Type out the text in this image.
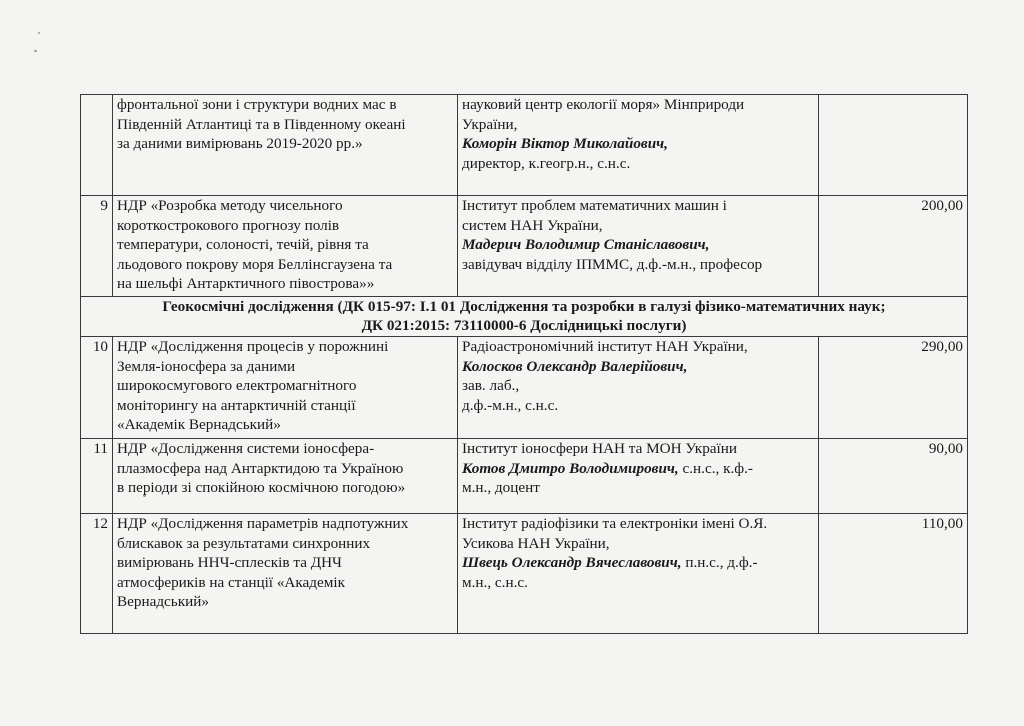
	фронтальної зони і структури водних мас в
Південній Атлантиці та в Південному океані
за даними вимірювань 2019-2020 рр.»	науковий центр екології моря» Мінприроди
України,
Коморін Віктор Миколайович,
директор, к.геогр.н., с.н.с.	

9	НДР «Розробка методу чисельного
короткострокового прогнозу полів
температури, солоності, течій, рівня та
льодового покрову моря Беллінсгаузена та
на шельфі Антарктичного півострова»»	Інститут проблем математичних машин і
систем НАН України,
Мадерич Володимир Станіславович,
завідувач відділу ІПММС, д.ф.-м.н., професор	200,00

Геокосмічні дослідження (ДК 015-97: І.1 01 Дослідження та розробки в галузі фізико-математичних наук;
ДК 021:2015: 73110000-6 Дослідницькі послуги)			

10	НДР «Дослідження процесів у порожнині
Земля-іоносфера за даними
широкосмугового електромагнітного
моніторингу на антарктичній станції
«Академік Вернадський»	Радіоастрономічний інститут НАН України,
Колосков Олександр Валерійович,
зав. лаб.,
д.ф.-м.н., с.н.с.	290,00
11	НДР «Дослідження системи іоносфера-
плазмосфера над Антарктидою та Україною
в періоди зі спокійною космічною погодою»	Інститут іоносфери НАН та МОН України
Котов Дмитро Володимирович, с.н.с., к.ф.-
м.н., доцент	90,00
12	НДР «Дослідження параметрів надпотужних
блискавок за результатами синхронних
вимірювань ННЧ-сплесків та ДНЧ
атмосфериків на станції «Академік
Вернадський»	Інститут радіофізики та електроніки імені О.Я.
Усикова НАН України,
Швець Олександр Вячеславович, п.н.с., д.ф.-
м.н., с.н.с.	110,00
